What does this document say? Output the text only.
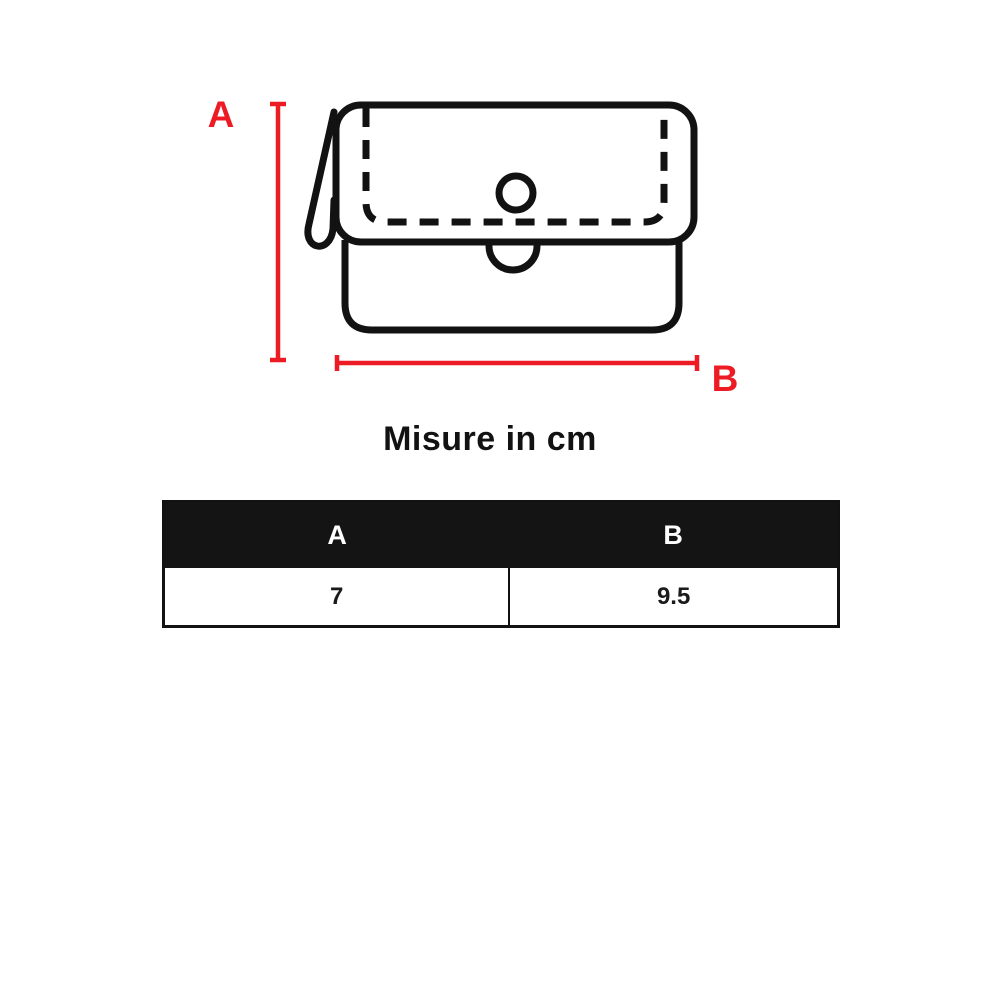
A
B
Misure in cm
A	B
7	9.5
